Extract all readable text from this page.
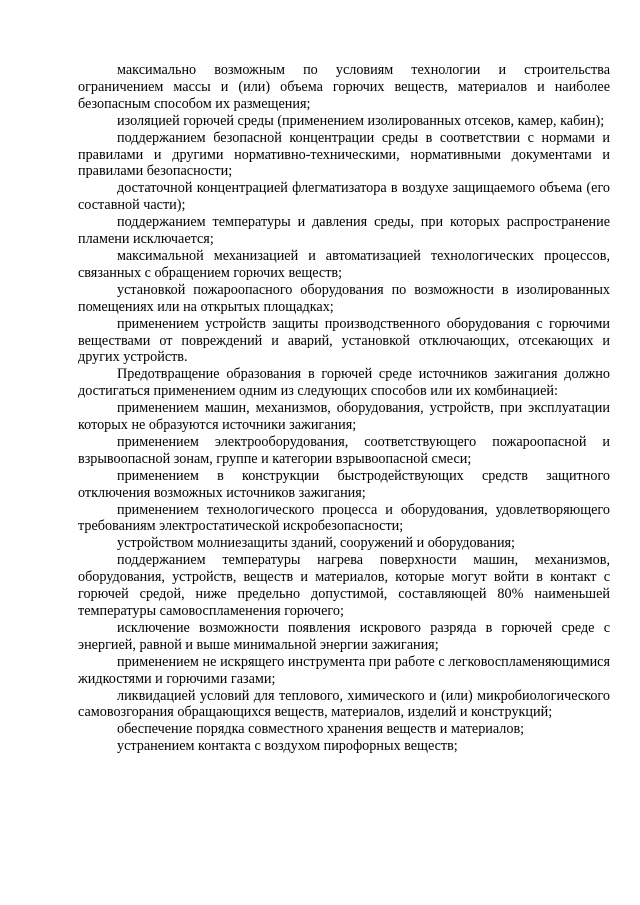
максимально возможным по условиям технологии и строительства ограничением массы и (или) объема горючих веществ, материалов и наиболее безопасным способом их размещения;

изоляцией горючей среды (применением изолированных отсеков, камер, кабин);

поддержанием безопасной концентрации среды в соответствии с нормами и правилами и другими нормативно-техническими, нормативными документами и правилами безопасности;

достаточной концентрацией флегматизатора в воздухе защищаемого объема (его составной части);

поддержанием температуры и давления среды, при которых распространение пламени исключается;

максимальной механизацией и автоматизацией технологических процессов, связанных с обращением горючих веществ;

установкой пожароопасного оборудования по возможности в изолированных помещениях или на открытых площадках;

применением устройств защиты производственного оборудования с горючими веществами от повреждений и аварий, установкой отключающих, отсекающих и других устройств.

Предотвращение образования в горючей среде источников зажигания должно достигаться применением одним из следующих способов или их комбинацией:

применением машин, механизмов, оборудования, устройств, при эксплуатации которых не образуются источники зажигания;

применением электрооборудования, соответствующего пожароопасной и взрывоопасной зонам, группе и категории взрывоопасной смеси;

применением в конструкции быстродействующих средств защитного отключения возможных источников зажигания;

применением технологического процесса и оборудования, удовлетворяющего требованиям электростатической искробезопасности;

устройством молниезащиты зданий, сооружений и оборудования;

поддержанием температуры нагрева поверхности машин, механизмов, оборудования, устройств, веществ и материалов, которые могут войти в контакт с горючей средой, ниже предельно допустимой, составляющей 80% наименьшей температуры самовоспламенения горючего;

исключение возможности появления искрового разряда в горючей среде с энергией, равной и выше минимальной энергии зажигания;

применением не искрящего инструмента при работе с легковоспламеняющимися жидкостями и горючими газами;

ликвидацией условий для теплового, химического и (или) микробиологического самовозгорания обращающихся веществ, материалов, изделий и конструкций;

обеспечение порядка совместного хранения веществ и материалов;

устранением контакта с воздухом пирофорных веществ;
